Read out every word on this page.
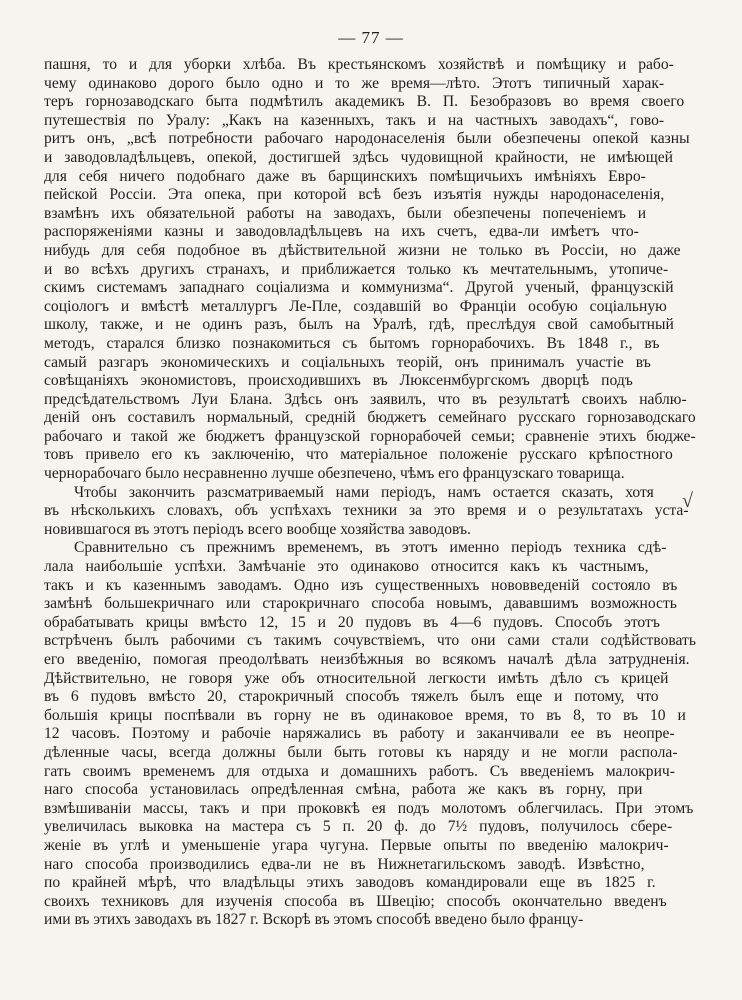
— 77 —
пашня, то и для уборки хлѣба. Въ крестьянскомъ хозяйствѣ и помѣщику и рабо-
чему одинаково дорого было одно и то же время—лѣто. Этотъ типичный харак-
теръ горнозаводскаго быта подмѣтилъ академикъ В. П. Безобразовъ во время своего
путешествія по Уралу: „Какъ на казенныхъ, такъ и на частныхъ заводахъ“, гово-
ритъ онъ, „всѣ потребности рабочаго народонаселенія были обезпечены опекой казны
и заводовладѣльцевъ, опекой, достигшей здѣсь чудовищной крайности, не имѣющей
для себя ничего подобнаго даже въ барщинскихъ помѣщичьихъ имѣніяхъ Евро-
пейской Россіи. Эта опека, при которой всѣ безъ изъятія нужды народонаселенія,
взамѣнъ ихъ обязательной работы на заводахъ, были обезпечены попеченіемъ и
распоряженіями казны и заводовладѣльцевъ на ихъ счетъ, едва-ли имѣетъ что-
нибудь для себя подобное въ дѣйствительной жизни не только въ Россіи, но даже
и во всѣхъ другихъ странахъ, и приближается только къ мечтательнымъ, утопиче-
скимъ системамъ западнаго соціализма и коммунизма“. Другой ученый, французскій
соціологъ и вмѣстѣ металлургъ Ле-Пле, создавшій во Франціи особую соціальную
школу, также, и не одинъ разъ, былъ на Уралѣ, гдѣ, преслѣдуя свой самобытный
методъ, старался близко познакомиться съ бытомъ горнорабочихъ. Въ 1848 г., въ
самый разгаръ экономическихъ и соціальныхъ теорій, онъ принималъ участіе въ
совѣщаніяхъ экономистовъ, происходившихъ въ Люксенмбургскомъ дворцѣ подъ
предсѣдательствомъ Луи Блана. Здѣсь онъ заявилъ, что въ результатѣ своихъ наблю-
деній онъ составилъ нормальный, средній бюджетъ семейнаго русскаго горнозаводскаго
рабочаго и такой же бюджетъ французской горнорабочей семьи; сравненіе этихъ бюдже-
товъ привело его къ заключенію, что матеріальное положеніе русскаго крѣпостного
чернорабочаго было несравненно лучше обезпечено, чѣмъ его французскаго товарища.
Чтобы закончить разсматриваемый нами періодъ, намъ остается сказать, хотя
въ нѣсколькихъ словахъ, объ успѣхахъ техники за это время и о результатахъ уста-
новившагося въ этотъ періодъ всего вообще хозяйства заводовъ.
Сравнительно съ прежнимъ временемъ, въ этотъ именно періодъ техника сдѣ-
лала наибольшіе успѣхи. Замѣчаніе это одинаково относится какъ къ частнымъ,
такъ и къ казеннымъ заводамъ. Одно изъ существенныхъ нововведеній состояло въ
замѣнѣ большекричнаго или старокричнаго способа новымъ, дававшимъ возможность
обрабатывать крицы вмѣсто 12, 15 и 20 пудовъ въ 4—6 пудовъ. Способъ этотъ
встрѣченъ былъ рабочими съ такимъ сочувствіемъ, что они сами стали содѣйствовать
его введенію, помогая преодолѣвать неизбѣжныя во всякомъ началѣ дѣла затрудненія.
Дѣйствительно, не говоря уже объ относительной легкости имѣть дѣло съ крицей
въ 6 пудовъ вмѣсто 20, старокричный способъ тяжелъ былъ еще и потому, что
большія крицы поспѣвали въ горну не въ одинаковое время, то въ 8, то въ 10 и
12 часовъ. Поэтому и рабочіе наряжались въ работу и заканчивали ее въ неопре-
дѣленные часы, всегда должны были быть готовы къ наряду и не могли распола-
гать своимъ временемъ для отдыха и домашнихъ работъ. Съ введеніемъ малокрич-
наго способа установилась опредѣленная смѣна, работа же какъ въ горну, при
взмѣшиваніи массы, такъ и при проковкѣ ея подъ молотомъ облегчилась. При этомъ
увеличилась выковка на мастера съ 5 п. 20 ф. до 7½ пудовъ, получилось сбере-
женіе въ углѣ и уменьшеніе угара чугуна. Первые опыты по введенію малокрич-
наго способа производились едва-ли не въ Нижнетагильскомъ заводѣ. Извѣстно,
по крайней мѣрѣ, что владѣльцы этихъ заводовъ командировали еще въ 1825 г.
своихъ техниковъ для изученія способа въ Швецію; способъ окончательно введенъ
ими въ этихъ заводахъ въ 1827 г. Вскорѣ въ этомъ способѣ введено было францу-
√
